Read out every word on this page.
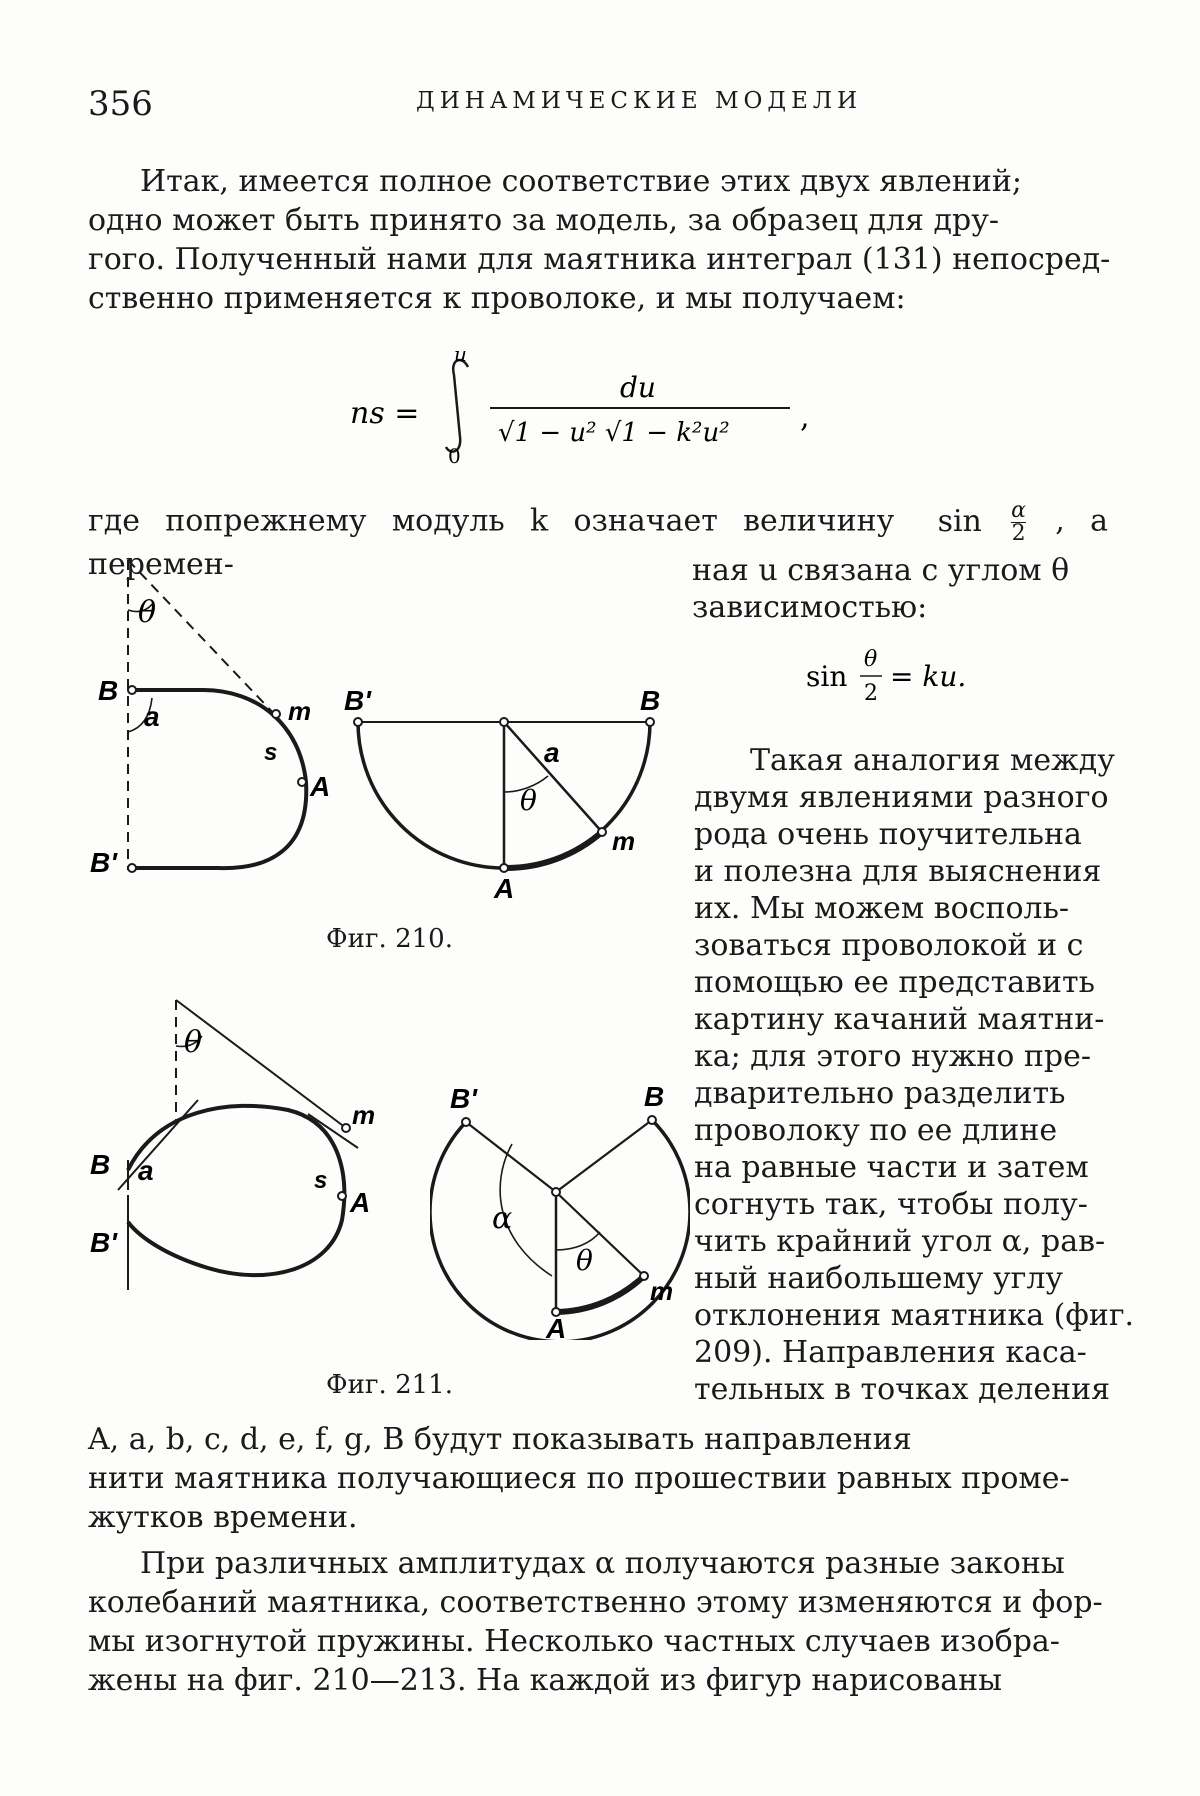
356	ДИНАМИЧЕСКИЕ МОДЕЛИ

Итак, имеется полное соответствие этих двух явлений;
одно может быть принято за модель, за образец для дру-
гого. Полученный нами для маятника интеграл (131) непосред-
ственно применяется к проволоке, и мы получаем:

ns =
u
0
du
√1 − u² √1 − k²u² ,
где попрежнему модуль k означает величину $\sin \frac{\alpha}{2}$ , а перемен-	ная u связана с углом θ
зависимостью:
sin
θ
2
= ku.
Такая аналогия между
двумя явлениями разного
рода очень поучительна
и полезна для выяснения
их. Мы можем восполь-
зоваться проволокой и с
помощью ее представить
картину качаний маятни-
ка; для этого нужно пре-
дварительно разделить
проволоку по ее длине
на равные части и затем
согнуть так, чтобы полу-
чить крайний угол α, рав-
ный наибольшему углу
отклонения маятника (фиг.
209). Направления каса-
тельных в точках деления
θ
B
a	m
s
A
B'
B'	B
a
θ
m
A
Фиг. 210.
θ
m
B a	s
A
B'
B'	B
α
θ
m
A
Фиг. 211.

A, a, b, c, d, e, f, g, B будут показывать направления
нити маятника получающиеся по прошествии равных проме-
жутков времени.

При различных амплитудах α получаются разные законы
колебаний маятника, соответственно этому изменяются и фор-
мы изогнутой пружины. Несколько частных случаев изобра-
жены на фиг. 210—213. На каждой из фигур нарисованы
